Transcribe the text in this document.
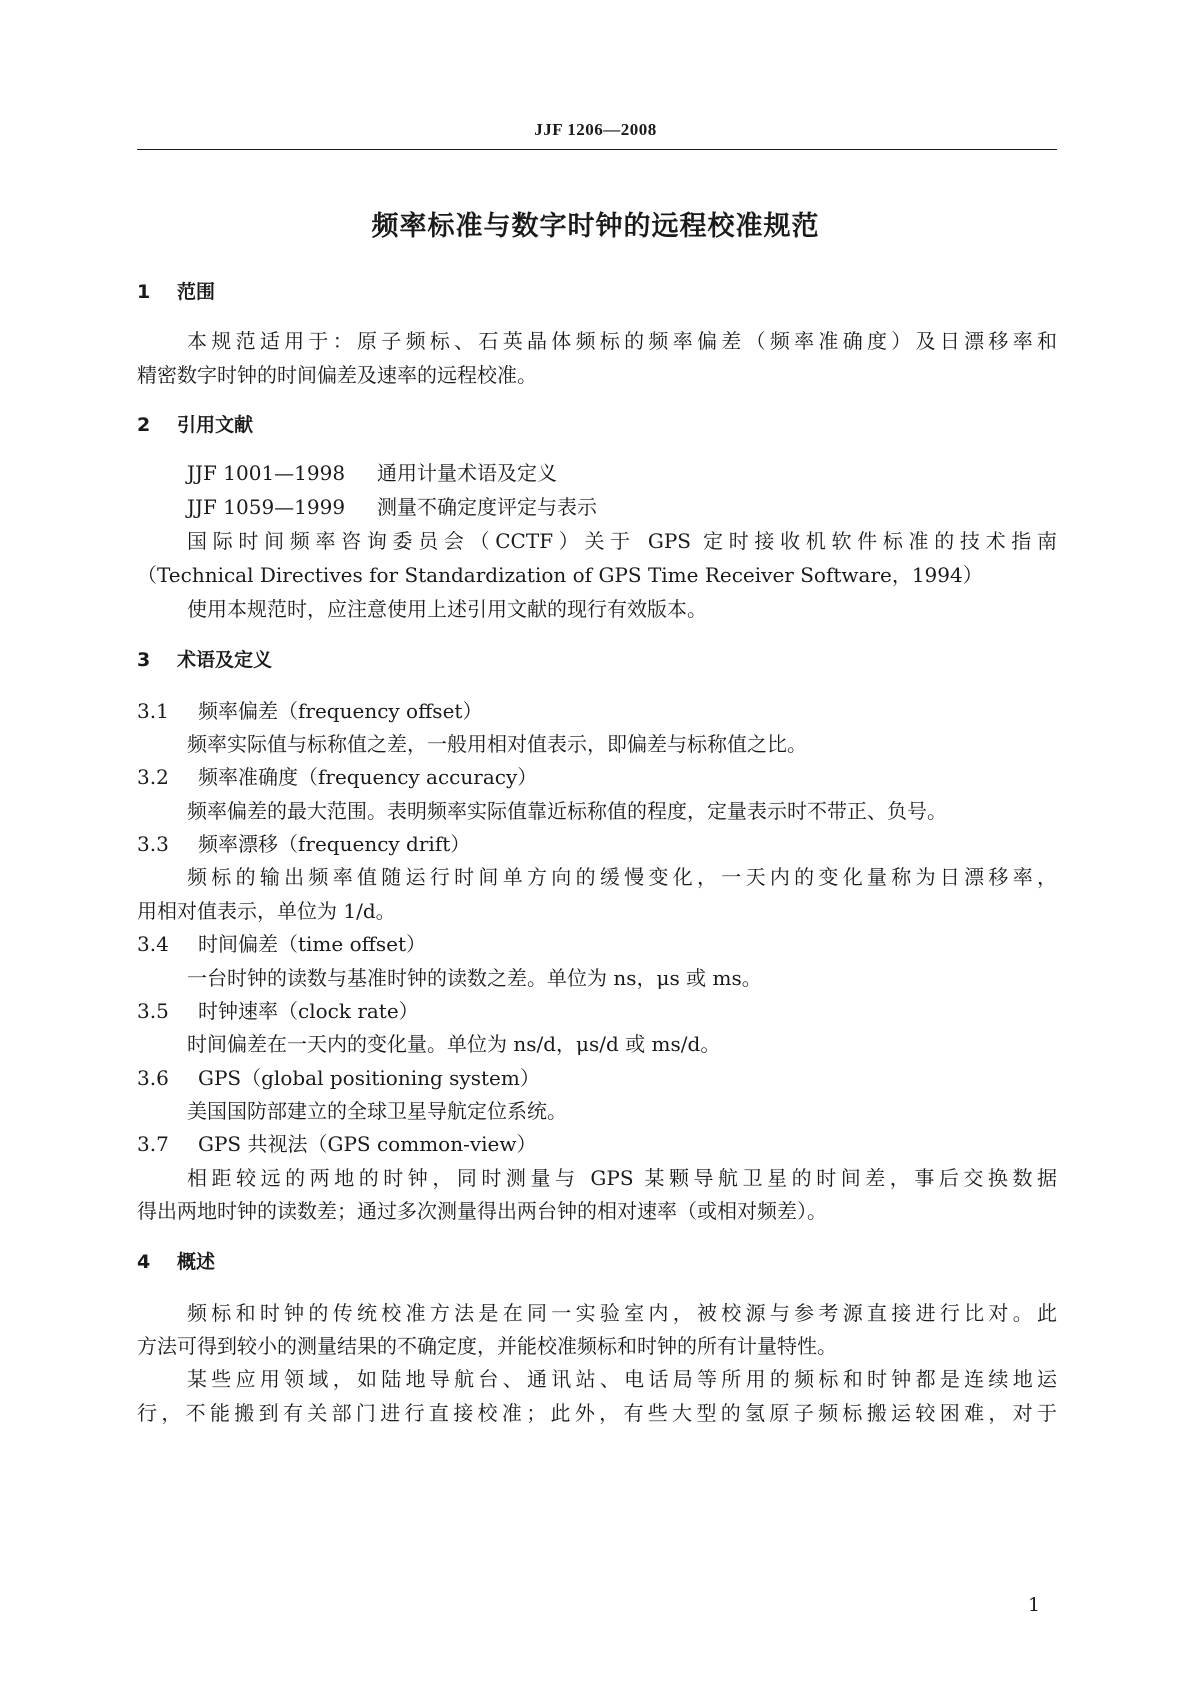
JJF 1206—2008
频率标准与数字时钟的远程校准规范
1 范围
本规范适用于：原子频标、石英晶体频标的频率偏差（频率准确度）及日漂移率和
精密数字时钟的时间偏差及速率的远程校准。
2 引用文献
JJF 1001—1998 通用计量术语及定义
JJF 1059—1999 测量不确定度评定与表示
国际时间频率咨询委员会（CCTF）关于 GPS 定时接收机软件标准的技术指南
（Technical Directives for Standardization of GPS Time Receiver Software，1994）
使用本规范时，应注意使用上述引用文献的现行有效版本。
3 术语及定义
3.1 频率偏差（frequency offset）
频率实际值与标称值之差，一般用相对值表示，即偏差与标称值之比。
3.2 频率准确度（frequency accuracy）
频率偏差的最大范围。表明频率实际值靠近标称值的程度，定量表示时不带正、负号。
3.3 频率漂移（frequency drift）
频标的输出频率值随运行时间单方向的缓慢变化，一天内的变化量称为日漂移率，
用相对值表示，单位为 1/d。
3.4 时间偏差（time offset）
一台时钟的读数与基准时钟的读数之差。单位为 ns，μs 或 ms。
3.5 时钟速率（clock rate）
时间偏差在一天内的变化量。单位为 ns/d，μs/d 或 ms/d。
3.6 GPS（global positioning system）
美国国防部建立的全球卫星导航定位系统。
3.7 GPS 共视法（GPS common-view）
相距较远的两地的时钟，同时测量与 GPS 某颗导航卫星的时间差，事后交换数据
得出两地时钟的读数差；通过多次测量得出两台钟的相对速率（或相对频差）。
4 概述
频标和时钟的传统校准方法是在同一实验室内，被校源与参考源直接进行比对。此
方法可得到较小的测量结果的不确定度，并能校准频标和时钟的所有计量特性。
某些应用领域，如陆地导航台、通讯站、电话局等所用的频标和时钟都是连续地运
行，不能搬到有关部门进行直接校准；此外，有些大型的氢原子频标搬运较困难，对于
1
